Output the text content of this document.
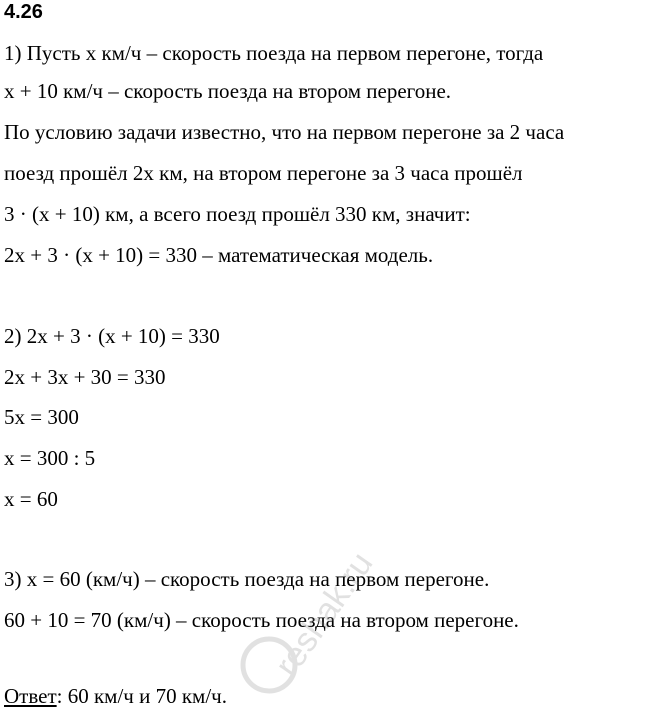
4.26
1) Пусть x км/ч – скорость поезда на первом перегоне, тогда
x + 10 км/ч – скорость поезда на втором перегоне.
По условию задачи известно, что на первом перегоне за 2 часа
поезд прошёл 2x км, на втором перегоне за 3 часа прошёл
3 · (x + 10) км, а всего поезд прошёл 330 км, значит:
2x + 3 · (x + 10) = 330 – математическая модель.
2) 2x + 3 · (x + 10) = 330
2x + 3x + 30 = 330
5x = 300
x = 300 : 5
x = 60
3) x = 60 (км/ч) – скорость поезда на первом перегоне.
60 + 10 = 70 (км/ч) – скорость поезда на втором перегоне.
Ответ: 60 км/ч и 70 км/ч.
reshak.ru
